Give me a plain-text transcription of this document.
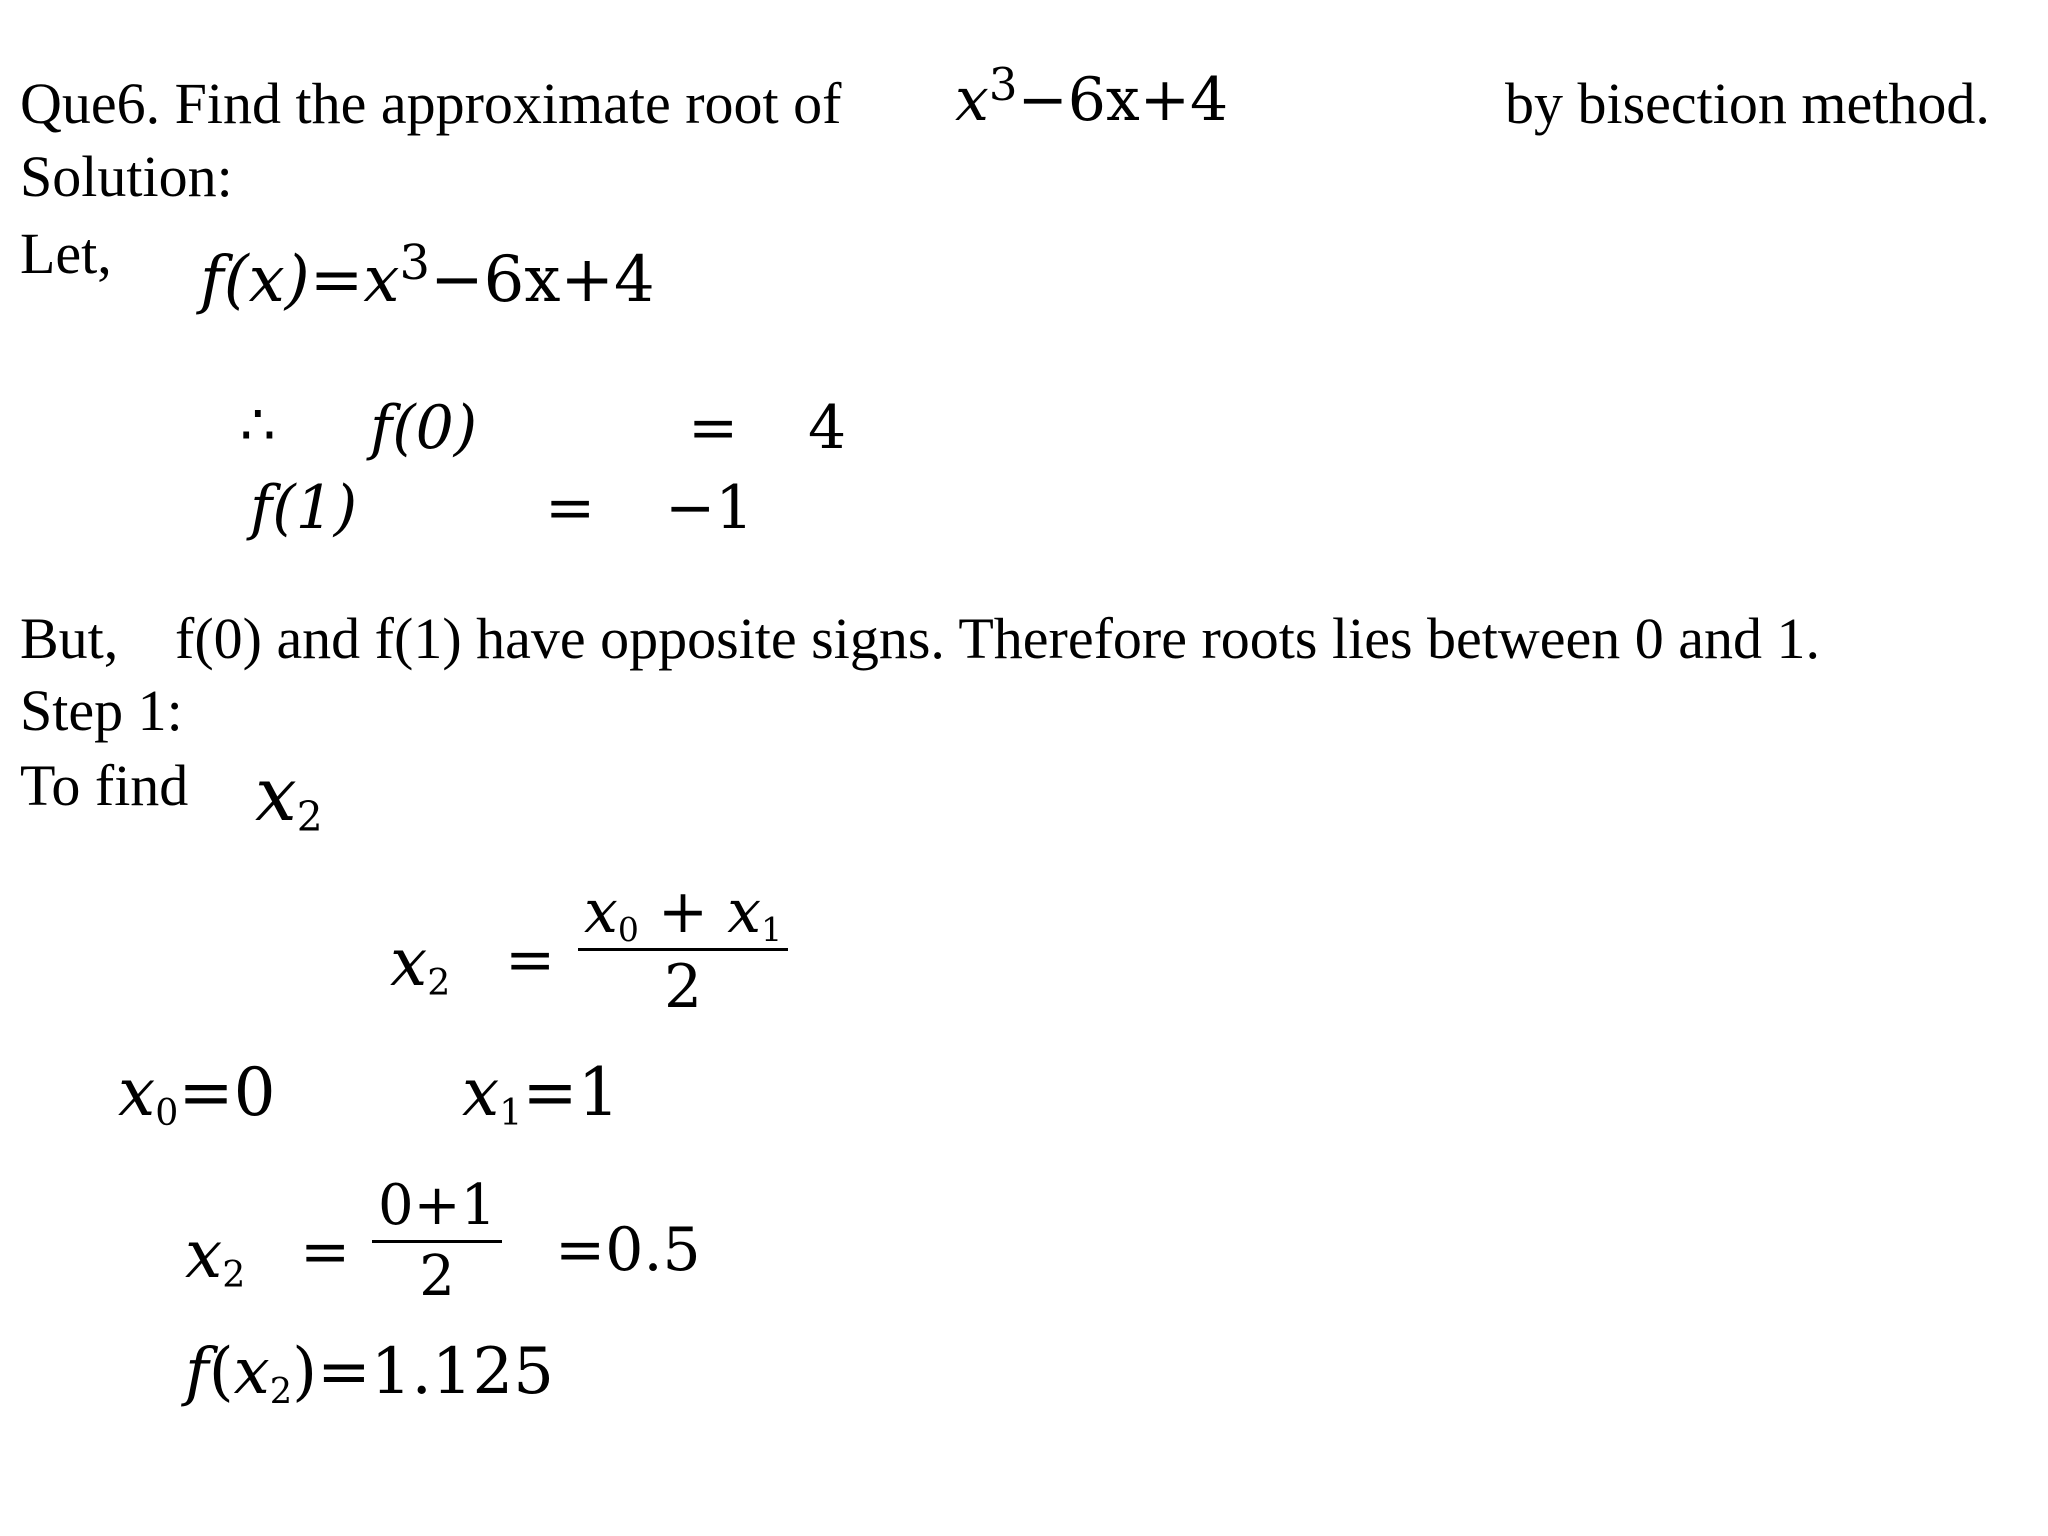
Que6. Find the approximate root of $x^3-6x+4$	by bisection method.
Solution:
Let, $f(x)=x^3-6x+4$
∴ f(0)	= 4
f(1)	= −1
But, f(0) and f(1) have opposite signs. Therefore roots lies between 0 and 1.
Step 1:
To find x2
$x2 = \frac{x0 + x1}{2}$
x0=0	x1=1
$x2 = \frac{0+1}{2} =0.5$
f(x2)=1.125
